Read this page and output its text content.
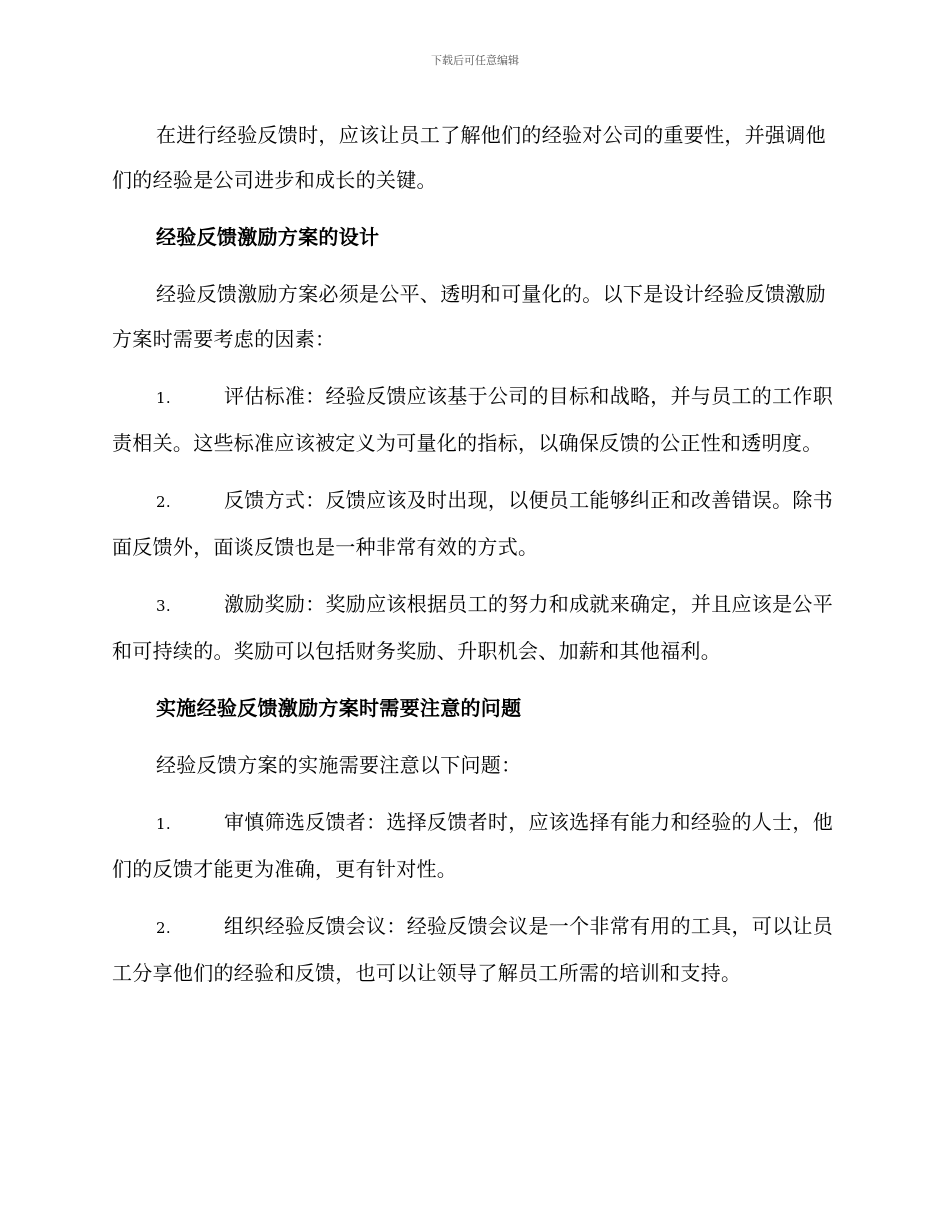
下载后可任意编辑

在进行经验反馈时，应该让员工了解他们的经验对公司的重要性，并强调他们的经验是公司进步和成长的关键。

经验反馈激励方案的设计

经验反馈激励方案必须是公平、透明和可量化的。以下是设计经验反馈激励方案时需要考虑的因素：

1.	评估标准：经验反馈应该基于公司的目标和战略，并与员工的工作职责相关。这些标准应该被定义为可量化的指标，以确保反馈的公正性和透明度。

2.	反馈方式：反馈应该及时出现，以便员工能够纠正和改善错误。除书面反馈外，面谈反馈也是一种非常有效的方式。

3.	激励奖励：奖励应该根据员工的努力和成就来确定，并且应该是公平和可持续的。奖励可以包括财务奖励、升职机会、加薪和其他福利。

实施经验反馈激励方案时需要注意的问题

经验反馈方案的实施需要注意以下问题：

1.	审慎筛选反馈者：选择反馈者时，应该选择有能力和经验的人士，他们的反馈才能更为准确，更有针对性。

2.	组织经验反馈会议：经验反馈会议是一个非常有用的工具，可以让员工分享他们的经验和反馈，也可以让领导了解员工所需的培训和支持。
